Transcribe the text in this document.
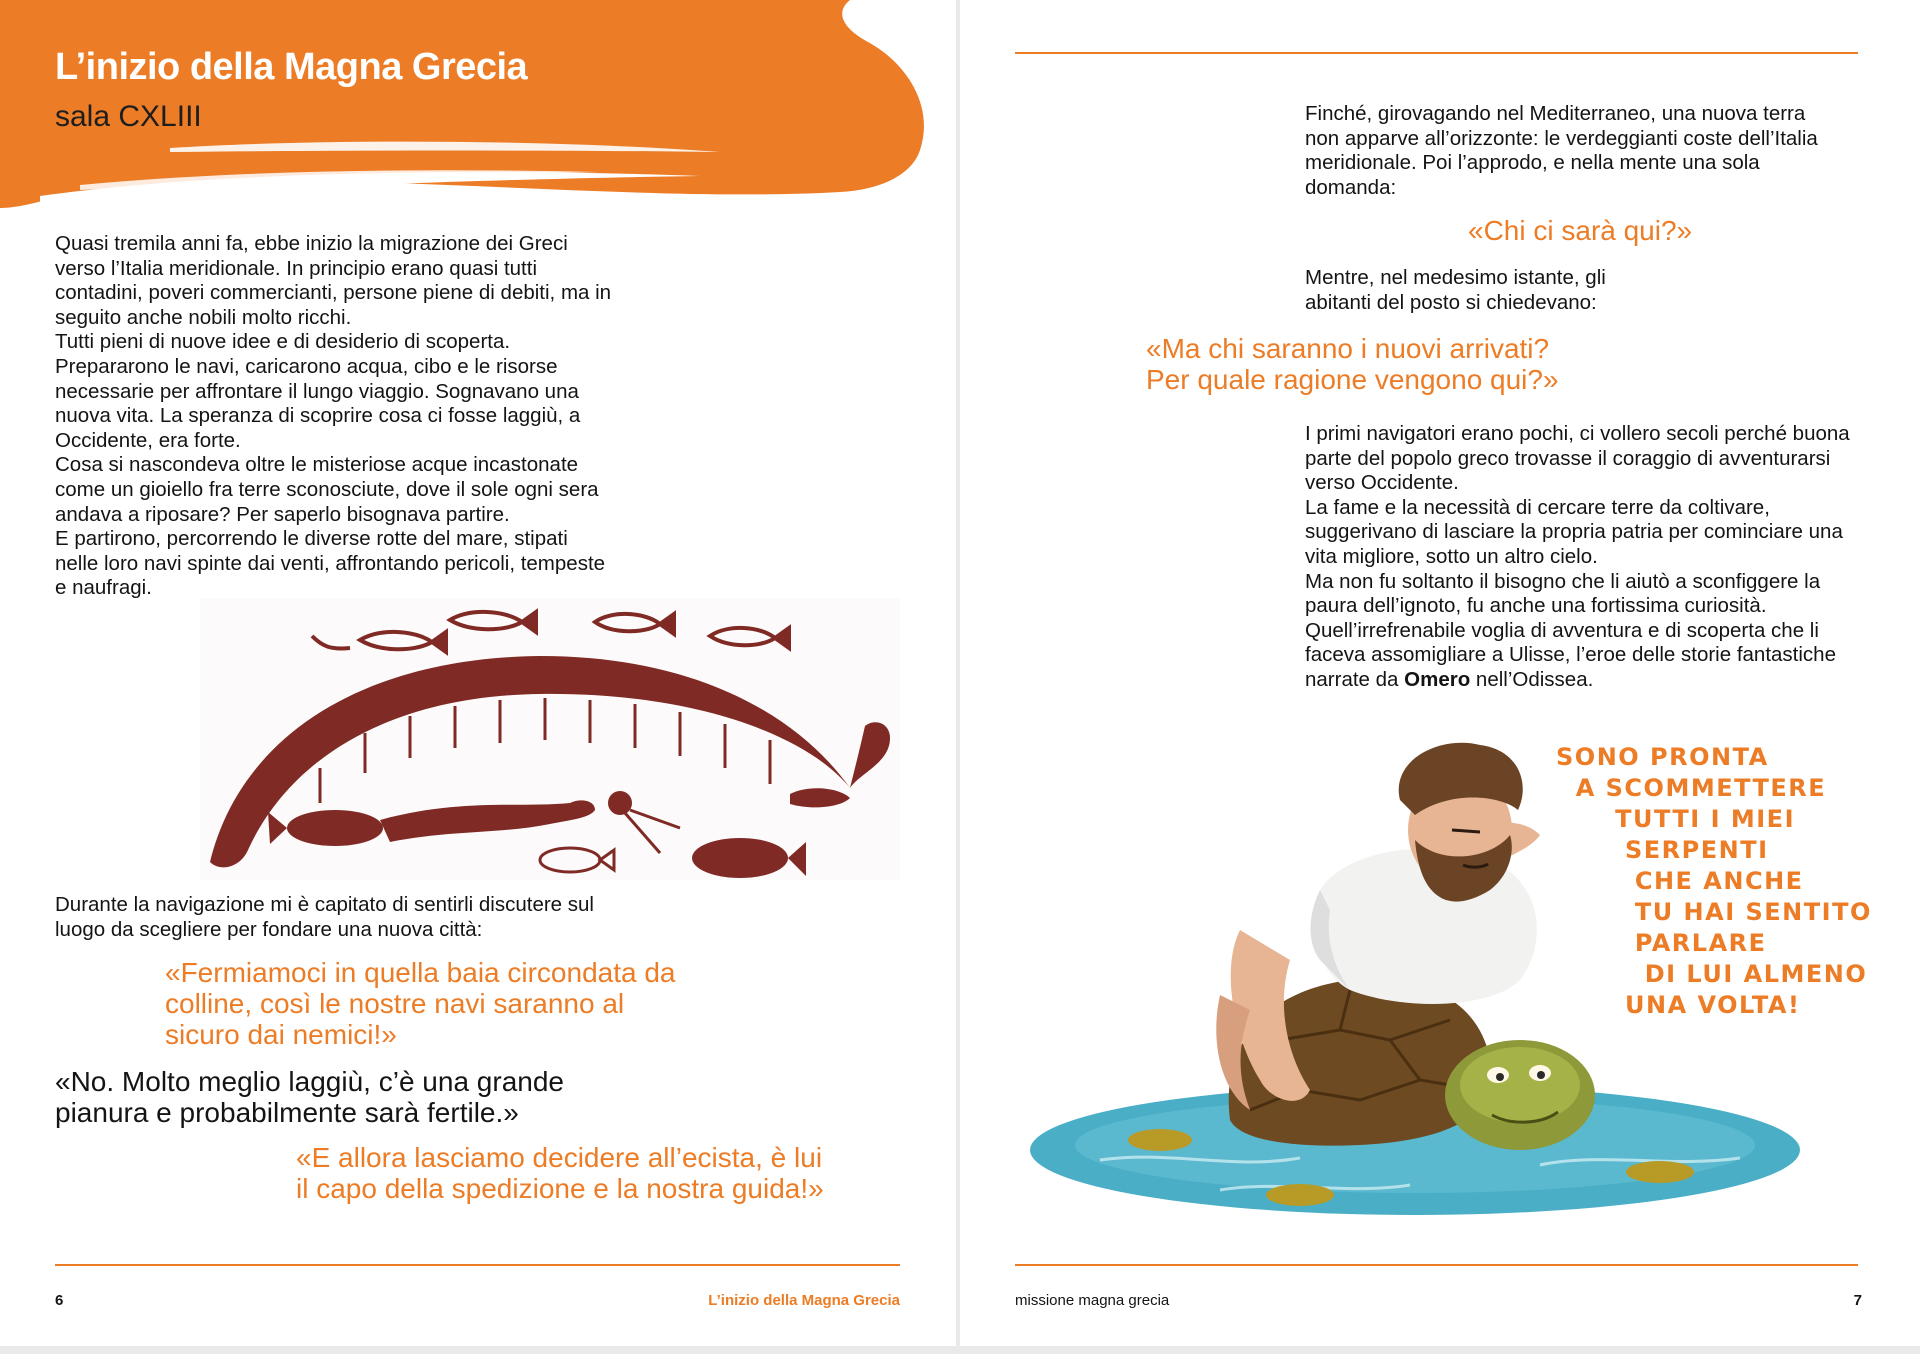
L’inizio della Magna Grecia
sala CXLIII

Quasi tremila anni fa, ebbe inizio la migrazione dei Greci verso l’Italia meridionale. In principio erano quasi tutti contadini, poveri commercianti, persone piene di debiti, ma in seguito anche nobili molto ricchi.

Tutti pieni di nuove idee e di desiderio di scoperta. Prepararono le navi, caricarono acqua, cibo e le risorse necessarie per affrontare il lungo viaggio. Sognavano una nuova vita. La speranza di scoprire cosa ci fosse laggiù, a Occidente, era forte.

Cosa si nascondeva oltre le misteriose acque incastonate come un gioiello fra terre sconosciute, dove il sole ogni sera andava a riposare? Per saperlo bisognava partire.

E partirono, percorrendo le diverse rotte del mare, stipati nelle loro navi spinte dai venti, affrontando pericoli, tempeste e naufragi.

Durante la navigazione mi è capitato di sentirli discutere sul luogo da scegliere per fondare una nuova città:
«Fermiamoci in quella baia circondata da colline, così le nostre navi saranno al sicuro dai nemici!»
«No. Molto meglio laggiù, c’è una grande pianura e probabilmente sarà fertile.»
«E allora lasciamo decidere all’ecista, è lui il capo della spedizione e la nostra guida!»
6	L’inizio della Magna Grecia
Finché, girovagando nel Mediterraneo, una nuova terra non apparve all’orizzonte: le verdeggianti coste dell’Italia meridionale. Poi l’approdo, e nella mente una sola domanda:
«Chi ci sarà qui?»
Mentre, nel medesimo istante, gli abitanti del posto si chiedevano:
«Ma chi saranno i nuovi arrivati?
Per quale ragione vengono qui?»

I primi navigatori erano pochi, ci vollero secoli perché buona parte del popolo greco trovasse il coraggio di avventurarsi verso Occidente.

La fame e la necessità di cercare terre da coltivare, suggerivano di lasciare la propria patria per cominciare una vita migliore, sotto un altro cielo.

Ma non fu soltanto il bisogno che li aiutò a sconfiggere la paura dell’ignoto, fu anche una fortissima curiosità. Quell’irrefrenabile voglia di avventura e di scoperta che li faceva assomigliare a Ulisse, l’eroe delle storie fantastiche narrate da Omero nell’Odissea.

SONO PRONTA
A SCOMMETTERE
TUTTI I MIEI
SERPENTI
CHE ANCHE
TU HAI SENTITO
PARLARE
DI LUI ALMENO
UNA VOLTA!
missione magna grecia	7
